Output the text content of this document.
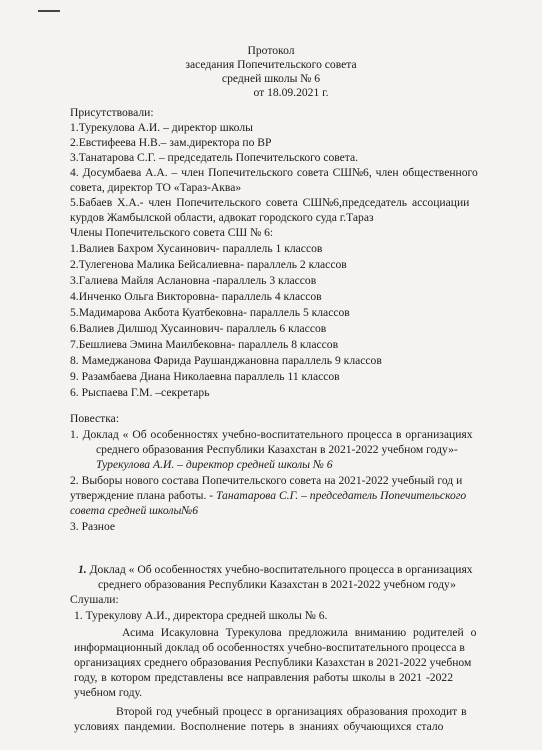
Протокол
заседания Попечительского совета
средней школы № 6
от 18.09.2021 г.
Присутствовали:
1.Турекулова А.И. – директор школы
2.Евстифеева Н.В.– зам.директора по ВР
3.Танатарова С.Г. – председатель Попечительского совета.
4. Досумбаева А.А. – член Попечительского совета СШ№6, член общественного
совета, директор ТО «Тараз-Аква»
5.Бабаев Х.А.- член Попечительского совета СШ№6,председатель ассоциации
курдов Жамбылской области, адвокат городского суда г.Тараз
Члены Попечительского совета СШ № 6:
1.Валиев Бахром Хусаинович- параллель 1 классов
2.Тулегенова Малика Бейсалиевна- параллель 2 классов
3.Галиева Майля Аслановна -параллель 3 классов
4.Инченко Ольга Викторовна- параллель 4 классов
5.Мадимарова Акбота Куатбековна- параллель 5 классов
6.Валиев Дилшод Хусаинович- параллель 6 классов
7.Бешлиева Эмина Маилбековна- параллель 8 классов
8. Мамеджанова Фарида Раушанджановна параллель 9 классов
9. Разамбаева Диана Николаевна параллель 11 классов
6. Рыспаева Г.М. –секретарь
Повестка:
1. Доклад « Об особенностях учебно-воспитательного процесса в организациях
среднего образования Республики Казахстан в 2021-2022 учебном году»-
Турекулова А.И. – директор средней школы № 6
2. Выборы нового состава Попечительского совета на 2021-2022 учебный год и
утверждение плана работы. - Танатарова С.Г. – председатель Попечительского
совета средней школы№6
3. Разное
1. Доклад « Об особенностях учебно-воспитательного процесса в организациях
среднего образования Республики Казахстан в 2021-2022 учебном году»
Слушали:
1. Турекулову А.И., директора средней школы № 6.
Асима Исакуловна Турекулова предложила вниманию родителей о
информационный доклад об особенностях учебно-воспитательного процесса в
организациях среднего образования Республики Казахстан в 2021-2022 учебном
году, в котором представлены все направления работы школы в 2021 -2022
учебном году.
Второй год учебный процесс в организациях образования проходит в
условиях пандемии. Восполнение потерь в знаниях обучающихся стало
